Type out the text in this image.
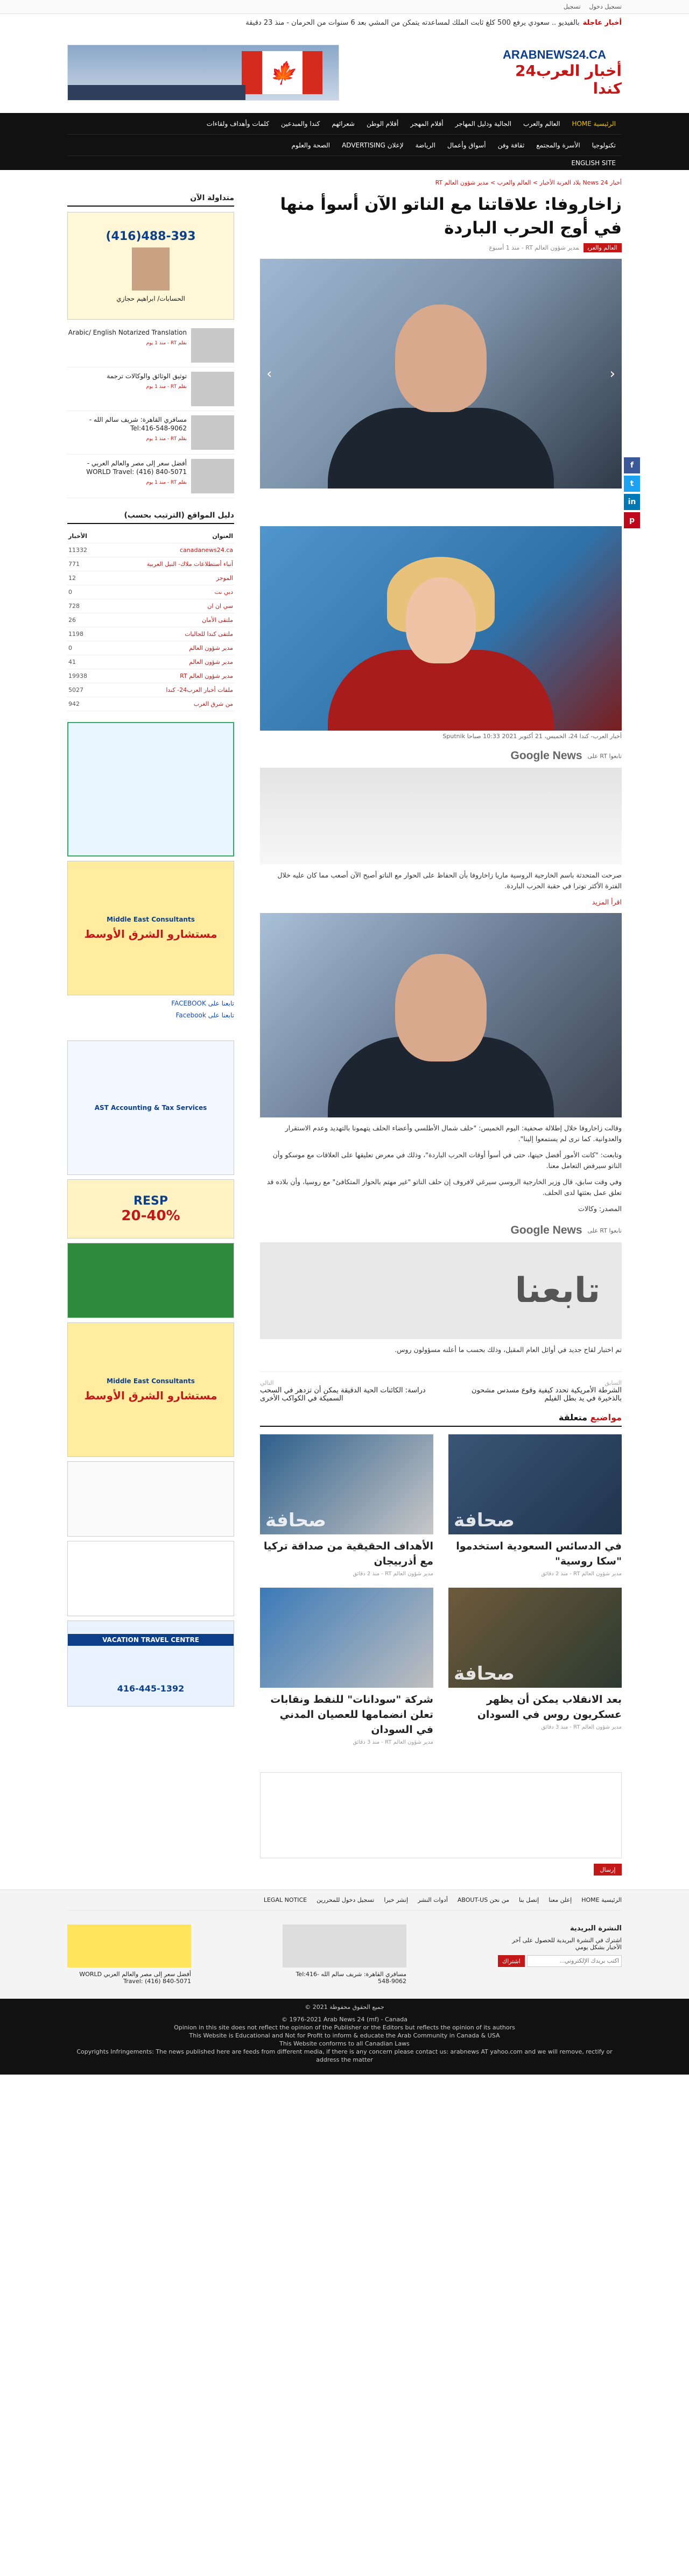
تسجيل دخول
تسجيل
أخبار عاجلةبالفيديو .. سعودي يرفع 500 كلغ ثابت الملك لمساعدته يتمكن من المشي بعد 6 سنوات من الحرمان - منذ 23 دقيقة
ARABNEWS24.CA
أخبار العرب24 كندا
🍁
الرئيسية HOME
العالم والعرب
الجالية ودليل المهاجر
أقلام المهجر
أقلام الوطن
شعرائهم
كندا والمبدعين
كلمات وأهداف ولقاءات
تكنولوجيا
الأسرة والمجتمع
ثقافة وفن
أسواق وأعمال
الرياضة
لإعلان ADVERTISING
الصحة والعلوم
ENGLISH SITE
أخبار News 24 بلاد الغربة الأخبار > العالم والعرب > مدير شؤون العالم RT
زاخاروفا: علاقاتنا مع الناتو الآن أسوأ منها في أوج الحرب الباردة
العالم والعربمدير شؤون العالم RT - منذ 1 أسبوع
f
t
in
p
‹
›
أخبار العرب- كندا 24، الخميس، 21 أكتوبر 2021 10:33 صباحا Sputnik
تابعوا RT على
Google News

صرحت المتحدثة باسم الخارجية الروسية ماريا زاخاروفا بأن الحفاظ على الحوار مع الناتو أصبح الآن أصعب مما كان عليه خلال الفترة الأكثر توترا في حقبة الحرب الباردة.

اقرأ المزيد

وقالت زاخاروفا خلال إطلالة صحفية: اليوم الخميس: "حلف شمال الأطلسي وأعضاء الحلف يتهمونا بالتهديد وعدم الاستقرار والعدوانية. كما نرى لم يستمعوا إلينا".

وتابعت: "كانت الأمور أفضل حينها، حتى في أسوأ أوقات الحرب الباردة"، وذلك في معرض تعليقها على العلاقات مع موسكو وأن الناتو سيرفض التعامل معنا.

وفي وقت سابق، قال وزير الخارجية الروسي سيرغي لافروف إن حلف الناتو "غير مهتم بالحوار المتكافئ" مع روسيا، وأن بلاده قد تعلق عمل بعثتها لدى الحلف.

المصدر: وكالات

تابعوا RT على
Google News
تابعنا

تم اختبار لقاح جديد في أوائل العام المقبل، وذلك بحسب ما أعلنه مسؤولون روس.

السابق
الشرطة الأمريكية تحدد كيفية وقوع مسدس مشحون بالذخيرة في يد بطل الفيلم
التالي
دراسة: الكائنات الحية الدقيقة يمكن أن تزدهر في السحب السميكة في الكواكب الأخرى
مواضيع متعلقة
صحافة
في الدسائس السعودية استخدموا "سكا روسية"
مدير شؤون العالم RT - منذ 2 دقائق
صحافة
الأهداف الحقيقية من صداقة تركيا مع أذربيجان
مدير شؤون العالم RT - منذ 2 دقائق
صحافة
بعد الانقلاب يمكن أن يظهر عسكريون روس في السودان
مدير شؤون العالم RT - منذ 3 دقائق
شركة "سودانات" للنفط ونقابات تعلن انضمامها للعصيان المدني في السودان
مدير شؤون العالم RT - منذ 3 دقائق
إرسال
متداولة الآن
(416)488-393
الحسابات/ ابراهيم حجازي
Arabic/ English Notarized Translation
بقلم RT - منذ 1 يوم
توثيق الوثائق والوكالات ترجمة
بقلم RT - منذ 1 يوم
مسافري القاهرة: شريف سالم الله - Tel:416-548-9062
بقلم RT - منذ 1 يوم
أفضل سعر إلى مصر والعالم العربي - WORLD Travel: (416) 840-5071
بقلم RT - منذ 1 يوم
دليل المواقع (الترتيب بحسب)
العنوان	الأخبار
canadanews24.ca	11332
أنباء أستطلاعات ملاك- النيل العربية	771
الموجز	12
دبي نت	0
سي ان ان	728
ملتقى الأمان	26
ملتقى كندا للجاليات	1198
مدير شؤون العالم	0
مدير شؤون العالم	41
مدير شؤون العالم RT	19938
ملفات أخبار العرب24- كندا	5027
من شرق الغرب	942
Middle East Consultants
مستشارو الشرق الأوسط
تابعنا على FACEBOOK
تابعنا على Facebook
AST Accounting & Tax Services
RESP
20-40%
Middle East Consultants
مستشارو الشرق الأوسط
VACATION TRAVEL CENTRE
416-445-1392
الرئيسية HOME
إعلن معنا
إتصل بنا
من نحن ABOUT-US
أدوات النشر
إنشر خبرا
تسجيل دخول للمحررين
LEGAL NOTICE
النشرة البريدية

اشترك في النشرة البريدية للحصول على آخر الأخبار بشكل يومي

اكتب بريدك الإلكتروني...
اشتراك
مسافري القاهرة: شريف سالم الله Tel:416-548-9062
أفضل سعر إلى مصر والعالم العربي WORLD Travel: (416) 840-5071
© 2021 جميع الحقوق محفوظة
© 1976-2021 Arab News 24 (mf) - Canada
Opinion in this site does not reflect the opinion of the Publisher or the Editors but reflects the opinion of its authors
This Website is Educational and Not for Profit to inform & educate the Arab Community in Canada & USA
This Website conforms to all Canadian Laws
Copyrights Infringements: The news published here are feeds from different media, if there is any concern please contact us: arabnews AT yahoo.com and we will remove, rectify or address the matter
